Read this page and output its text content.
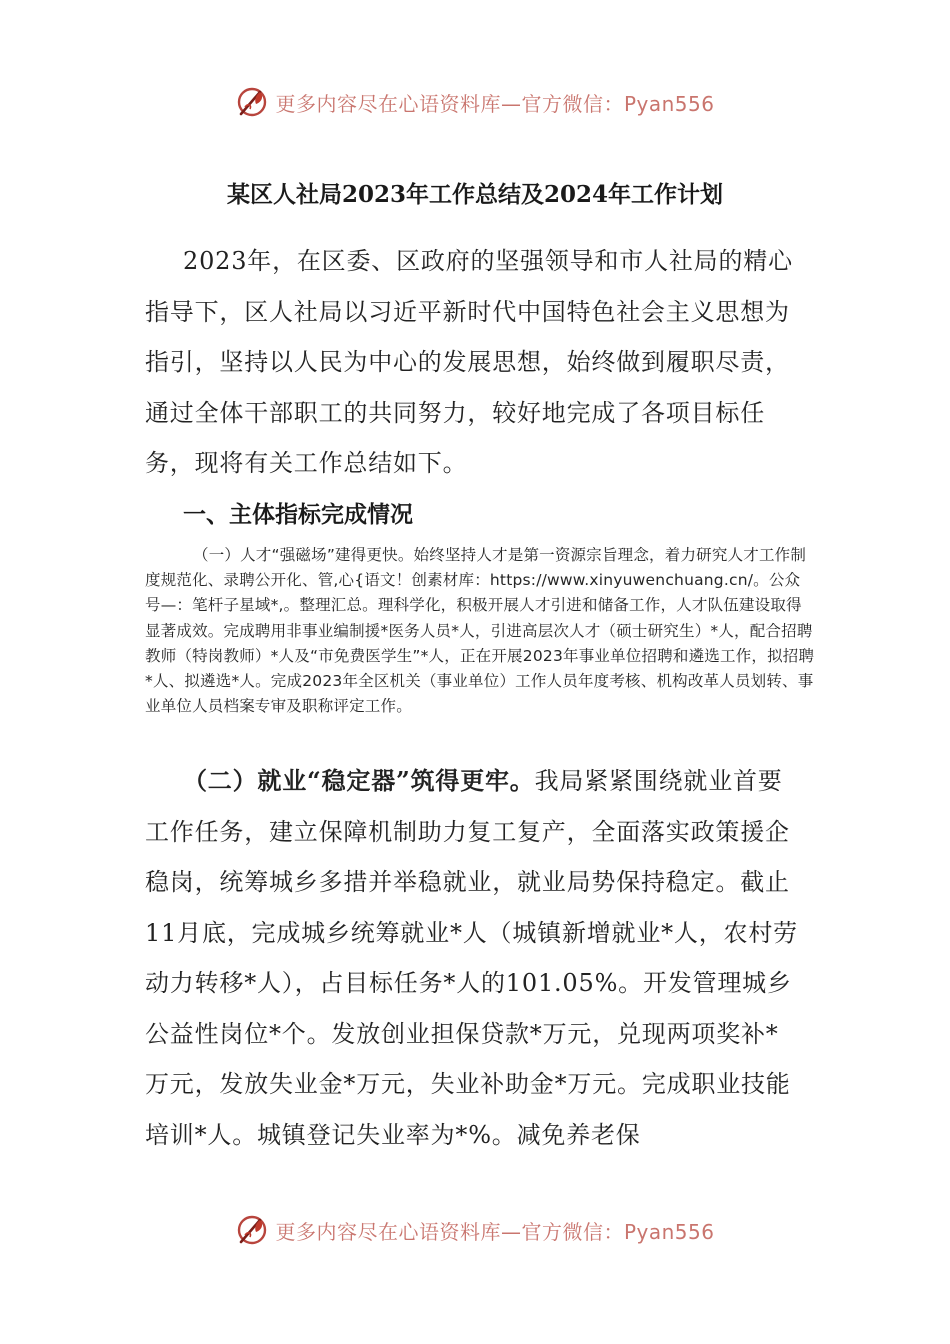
更多内容尽在心语资料库—官方微信：Pyan556
某区人社局2023年工作总结及2024年工作计划

2023年，在区委、区政府的坚强领导和市人社局的精心指导下，区人社局以习近平新时代中国特色社会主义思想为指引，坚持以人民为中心的发展思想，始终做到履职尽责，通过全体干部职工的共同努力，较好地完成了各项目标任务，现将有关工作总结如下。

一、主体指标完成情况

（一）人才“强磁场”建得更快。始终坚持人才是第一资源宗旨理念，着力研究人才工作制度规范化、录聘公开化、管,心{语文！创素材库：https://www.xinyuwenchuang.cn/。公众号—：笔杆子星域*,。整理汇总。理科学化，积极开展人才引进和储备工作，人才队伍建设取得显著成效。完成聘用非事业编制援*医务人员*人，引进高层次人才（硕士研究生）*人，配合招聘教师（特岗教师）*人及“市免费医学生”*人，正在开展2023年事业单位招聘和遴选工作，拟招聘*人、拟遴选*人。完成2023年全区机关（事业单位）工作人员年度考核、机构改革人员划转、事业单位人员档案专审及职称评定工作。

（二）就业“稳定器”筑得更牢。我局紧紧围绕就业首要工作任务，建立保障机制助力复工复产，全面落实政策援企稳岗，统筹城乡多措并举稳就业，就业局势保持稳定。截止11月底，完成城乡统筹就业*人（城镇新增就业*人，农村劳动力转移*人），占目标任务*人的101.05%。开发管理城乡公益性岗位*个。发放创业担保贷款*万元，兑现两项奖补*万元，发放失业金*万元，失业补助金*万元。完成职业技能培训*人。城镇登记失业率为*%。减免养老保

更多内容尽在心语资料库—官方微信：Pyan556
